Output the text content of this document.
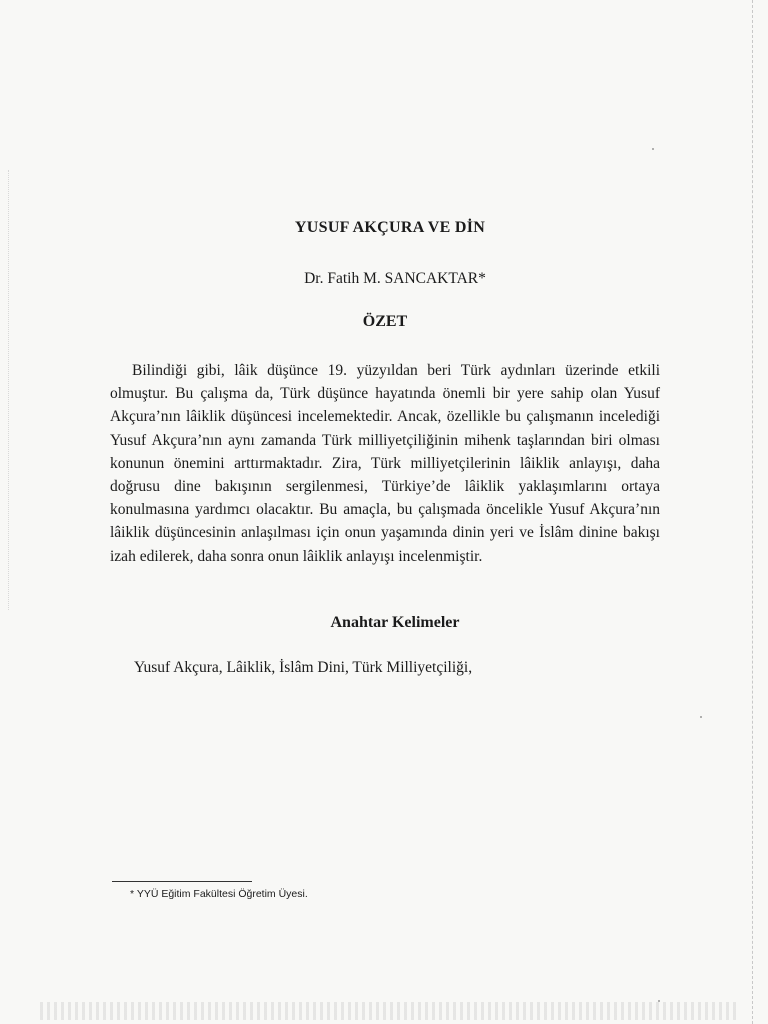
YUSUF AKÇURA VE DİN
Dr. Fatih M. SANCAKTAR*
ÖZET

Bilindiği gibi, lâik düşünce 19. yüzyıldan beri Türk aydınları üzerinde etkili olmuştur. Bu çalışma da, Türk düşünce hayatında önemli bir yere sahip olan Yusuf Akçura’nın lâiklik düşüncesi incelemektedir. Ancak, özellikle bu çalışmanın incelediği Yusuf Akçura’nın aynı zamanda Türk milliyetçiliğinin mihenk taşlarından biri olması konunun önemini arttırmaktadır. Zira, Türk milliyetçilerinin lâiklik anlayışı, daha doğrusu dine bakışının sergilenmesi, Türkiye’de lâiklik yaklaşımlarını ortaya konulmasına yardımcı olacaktır. Bu amaçla, bu çalışmada öncelikle Yusuf Akçura’nın lâiklik düşüncesinin anlaşılması için onun yaşamında dinin yeri ve İslâm dinine bakışı izah edilerek, daha sonra onun lâiklik anlayışı incelenmiştir.

Anahtar Kelimeler
Yusuf Akçura, Lâiklik, İslâm Dini, Türk Milliyetçiliği,
* YYÜ Eğitim Fakültesi Öğretim Üyesi.
